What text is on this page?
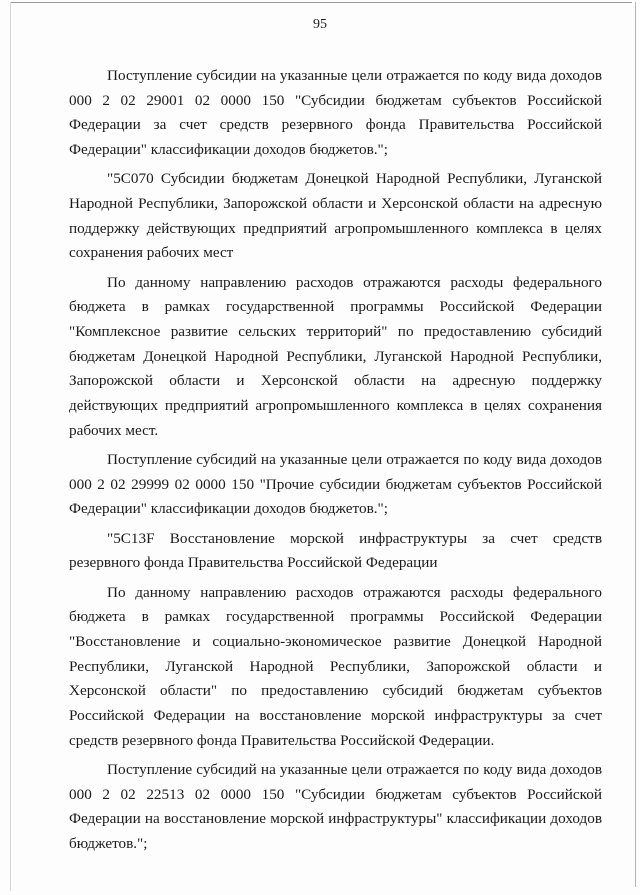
95

Поступление субсидии на указанные цели отражается по коду вида доходов 000 2 02 29001 02 0000 150 "Субсидии бюджетам субъектов Российской Федерации за счет средств резервного фонда Правительства Российской Федерации" классификации доходов бюджетов.";

"5С070 Субсидии бюджетам Донецкой Народной Республики, Луганской Народной Республики, Запорожской области и Херсонской области на адресную поддержку действующих предприятий агропромышленного комплекса в целях сохранения рабочих мест

По данному направлению расходов отражаются расходы федерального бюджета в рамках государственной программы Российской Федерации "Комплексное развитие сельских территорий" по предоставлению субсидий бюджетам Донецкой Народной Республики, Луганской Народной Республики, Запорожской области и Херсонской области на адресную поддержку действующих предприятий агропромышленного комплекса в целях сохранения рабочих мест.

Поступление субсидий на указанные цели отражается по коду вида доходов 000 2 02 29999 02 0000 150 "Прочие субсидии бюджетам субъектов Российской Федерации" классификации доходов бюджетов.";

"5С13F Восстановление морской инфраструктуры за счет средств резервного фонда Правительства Российской Федерации

По данному направлению расходов отражаются расходы федерального бюджета в рамках государственной программы Российской Федерации "Восстановление и социально-экономическое развитие Донецкой Народной Республики, Луганской Народной Республики, Запорожской области и Херсонской области" по предоставлению субсидий бюджетам субъектов Российской Федерации на восстановление морской инфраструктуры за счет средств резервного фонда Правительства Российской Федерации.

Поступление субсидий на указанные цели отражается по коду вида доходов 000 2 02 22513 02 0000 150 "Субсидии бюджетам субъектов Российской Федерации на восстановление морской инфраструктуры" классификации доходов бюджетов.";
